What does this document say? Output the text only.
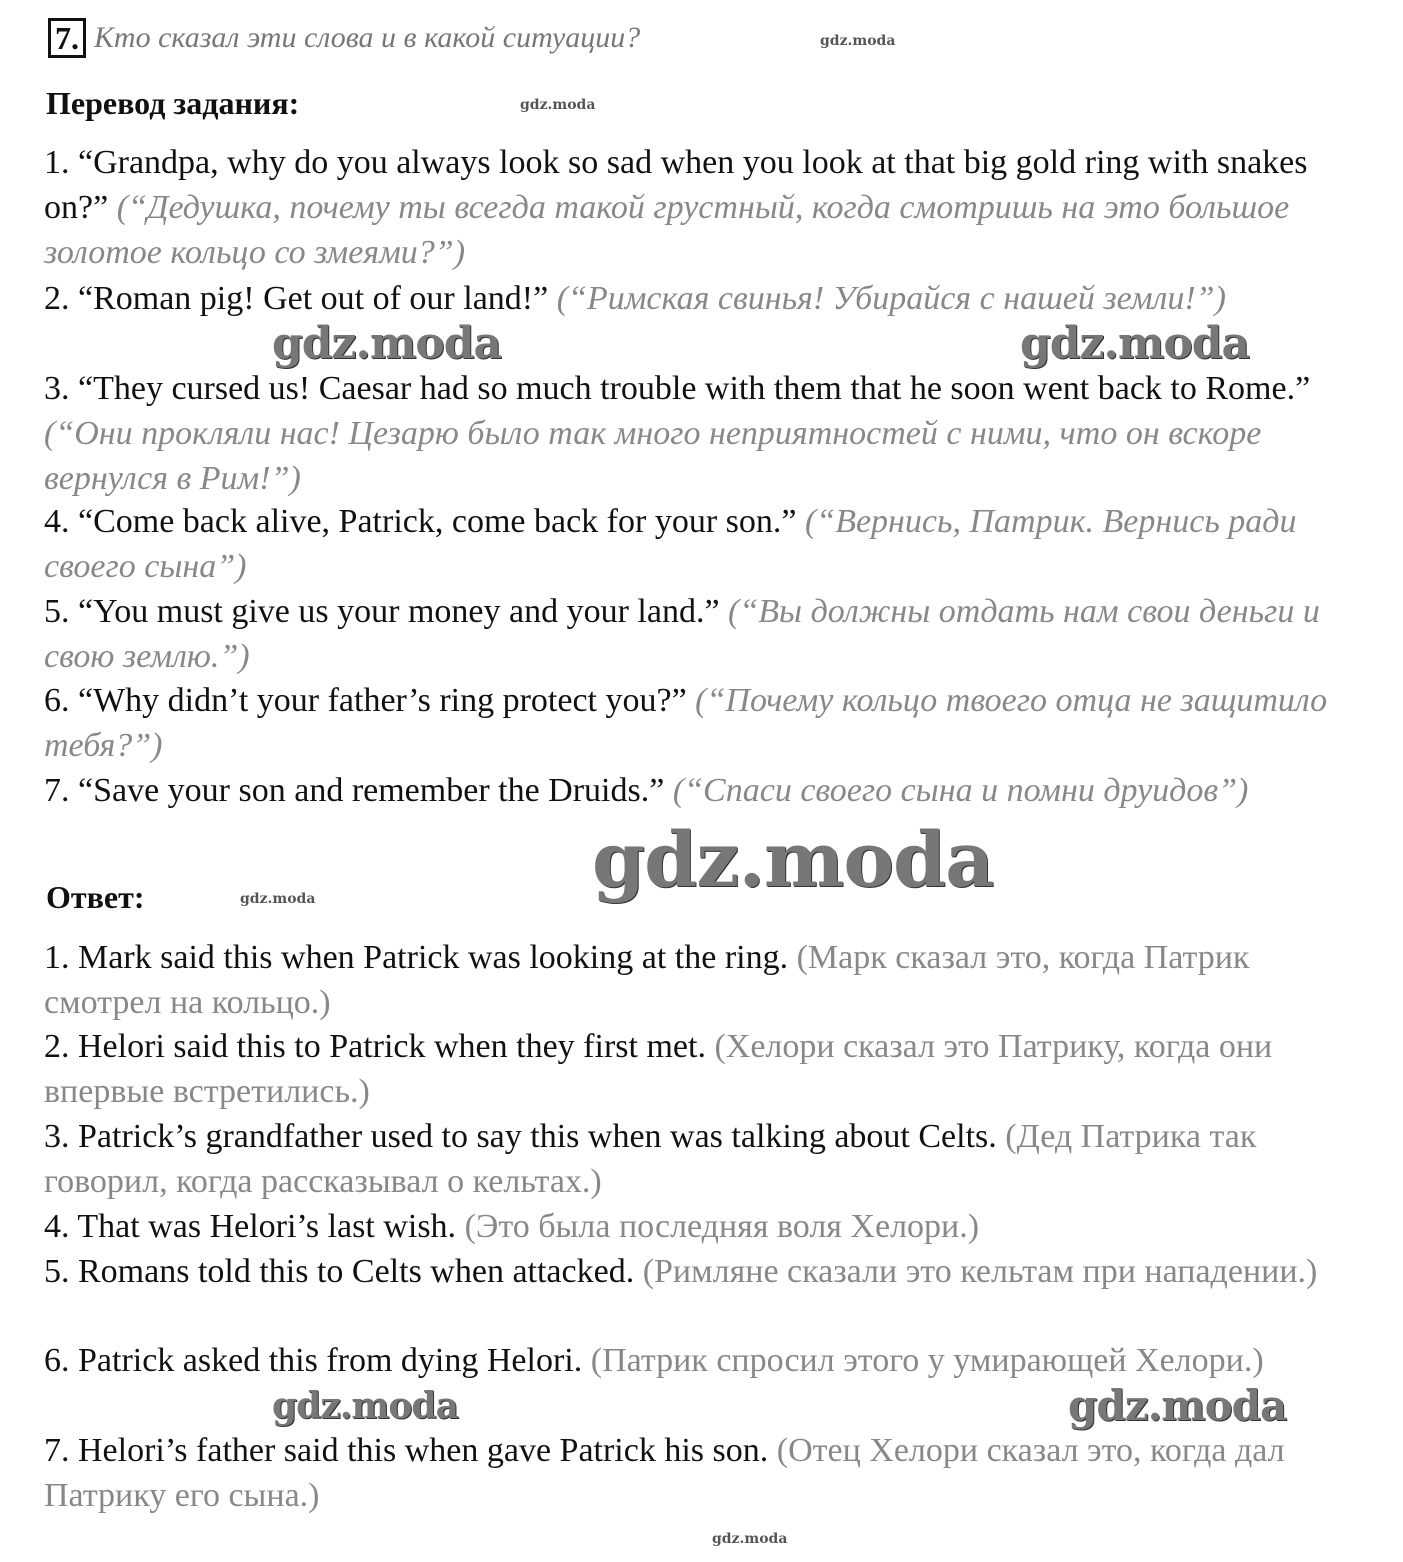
7. Кто сказал эти слова и в какой ситуации?
Перевод задания:

1. “Grandpa, why do you always look so sad when you look at that big gold ring with snakes on?” (“Дедушка, почему ты всегда такой грустный, когда смотришь на это большое золотое кольцо со змеями?”)

2. “Roman pig! Get out of our land!” (“Римская свинья! Убирайся с нашей земли!”)

3. “They cursed us! Caesar had so much trouble with them that he soon went back to Rome.” (“Они прокляли нас! Цезарю было так много неприятностей с ними, что он вскоре вернулся в Рим!”)

4. “Come back alive, Patrick, come back for your son.” (“Вернись, Патрик. Вернись ради своего сына”)

5. “You must give us your money and your land.” (“Вы должны отдать нам свои деньги и свою землю.”)

6. “Why didn’t your father’s ring protect you?” (“Почему кольцо твоего отца не защитило тебя?”)

7. “Save your son and remember the Druids.” (“Спаси своего сына и помни друидов”)

Ответ:

1. Mark said this when Patrick was looking at the ring. (Марк сказал это, когда Патрик смотрел на кольцо.)

2. Helori said this to Patrick when they first met. (Хелори сказал это Патрику, когда они впервые встретились.)

3. Patrick’s grandfather used to say this when was talking about Celts. (Дед Патрика так говорил, когда рассказывал о кельтах.)

4. That was Helori’s last wish. (Это была последняя воля Хелори.)

5. Romans told this to Celts when attacked. (Римляне сказали это кельтам при нападении.)

6. Patrick asked this from dying Helori. (Патрик спросил этого у умирающей Хелори.)

7. Helori’s father said this when gave Patrick his son. (Отец Хелори сказал это, когда дал Патрику его сына.)

gdz.moda	gdz.moda
gdz.moda
gdz.moda	gdz.moda
gdz.moda
gdz.moda
gdz.moda
gdz.moda
